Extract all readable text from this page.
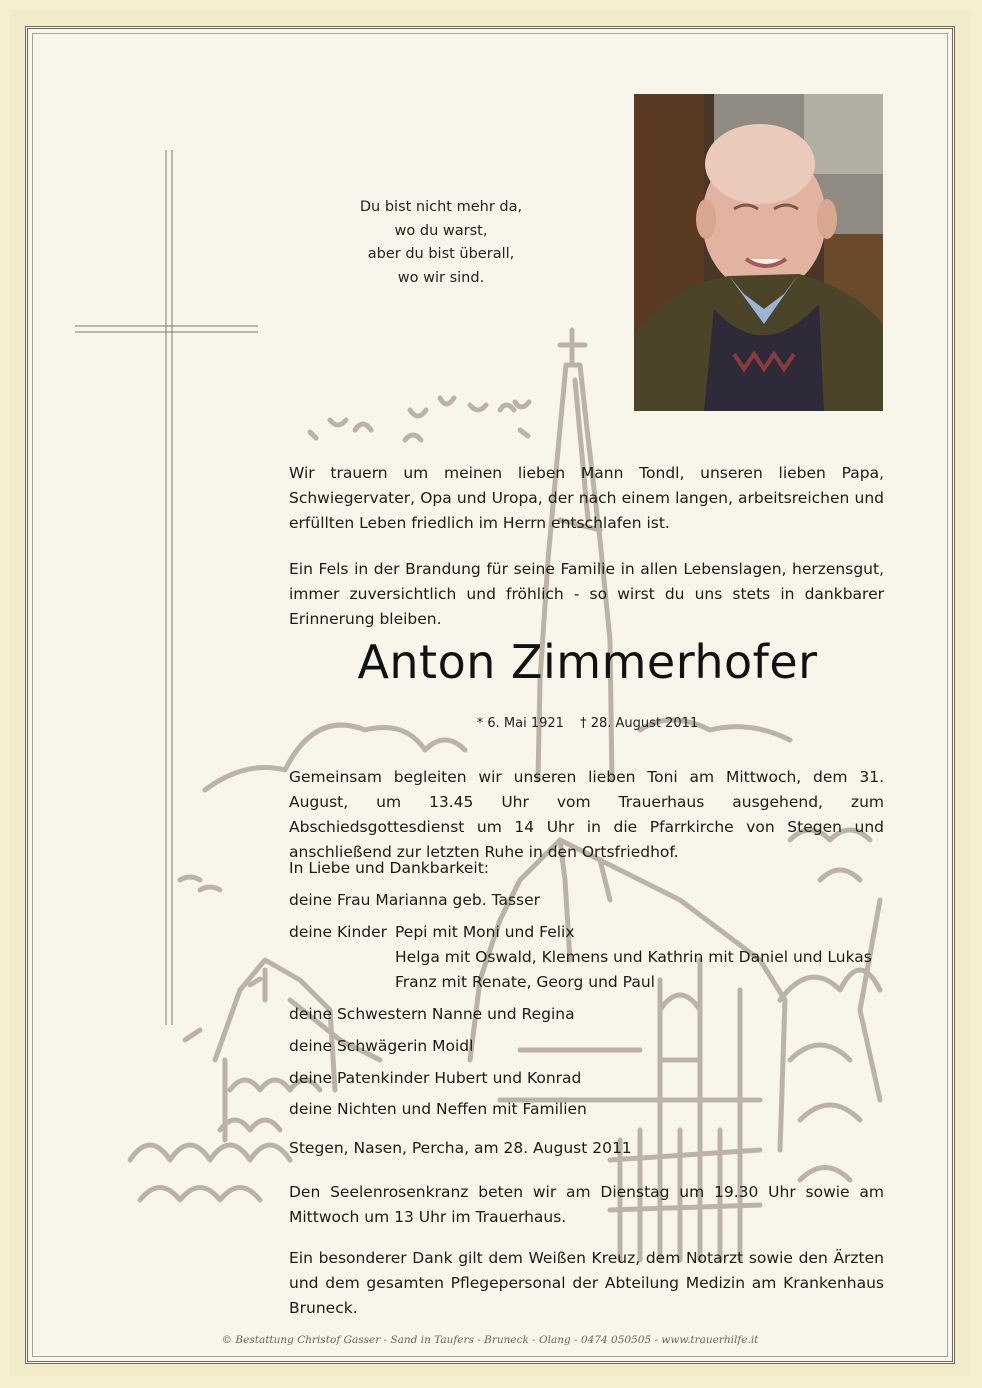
Du bist nicht mehr da,
wo du warst,
aber du bist überall,
wo wir sind.
Wir trauern um meinen lieben Mann Tondl, unseren lieben Papa, Schwiegervater, Opa und Uropa, der nach einem langen, arbeitsreichen und erfüllten Leben friedlich im Herrn entschlafen ist.
Ein Fels in der Brandung für seine Familie in allen Lebenslagen, herzensgut, immer zuversichtlich und fröhlich - so wirst du uns stets in dankbarer Erinnerung bleiben.
Anton Zimmerhofer
* 6. Mai 1921 † 28. August 2011
Gemeinsam begleiten wir unseren lieben Toni am Mittwoch, dem 31. August, um 13.45 Uhr vom Trauerhaus ausgehend, zum Abschiedsgottesdienst um 14 Uhr in die Pfarrkirche von Stegen und anschließend zur letzten Ruhe in den Ortsfriedhof.
In Liebe und Dankbarkeit:
deine Frau Marianna geb. Tasser
deine Kinder Pepi mit Moni und Felix
Helga mit Oswald, Klemens und Kathrin mit Daniel und Lukas
Franz mit Renate, Georg und Paul
deine Schwestern Nanne und Regina
deine Schwägerin Moidl
deine Patenkinder Hubert und Konrad
deine Nichten und Neffen mit Familien
Stegen, Nasen, Percha, am 28. August 2011
Den Seelenrosenkranz beten wir am Dienstag um 19.30 Uhr sowie am Mittwoch um 13 Uhr im Trauerhaus.
Ein besonderer Dank gilt dem Weißen Kreuz, dem Notarzt sowie den Ärzten und dem gesamten Pflegepersonal der Abteilung Medizin am Krankenhaus Bruneck.
© Bestattung Christof Gasser - Sand in Taufers - Bruneck - Olang - 0474 050505 - www.trauerhilfe.it
